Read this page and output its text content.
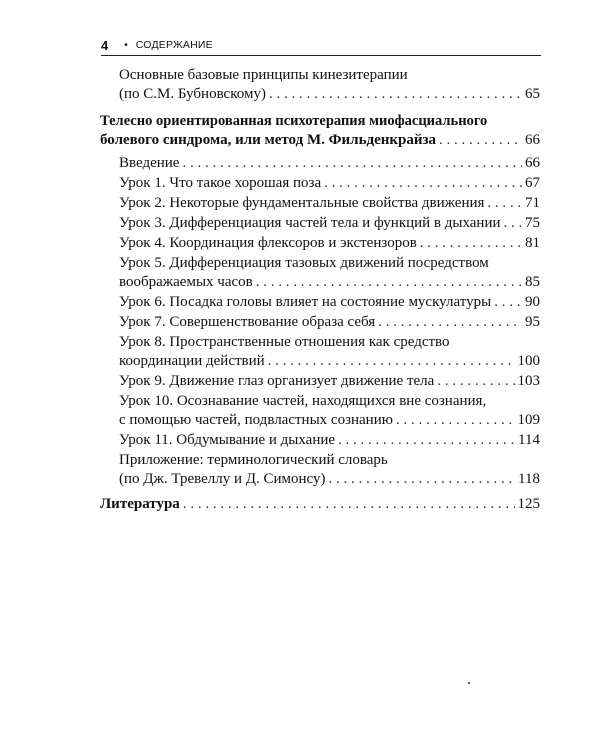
4 • СОДЕРЖАНИЕ
Основные базовые принципы кинезитерапии
(по С.М. Бубновскому) . . .	65
Телесно ориентированная психотерапия миофасциального
болевого синдрома, или метод М. Фильденкрайза . . .	66
Введение . . .	66
Урок 1. Что такое хорошая поза . . .	67
Урок 2. Некоторые фундаментальные свойства движения . . .	71
Урок 3. Дифференциация частей тела и функций в дыхании . . . 75
Урок 4. Координация флексоров и экстензоров . . .	81
Урок 5. Дифференциация тазовых движений посредством
воображаемых часов . . .	85
Урок 6. Посадка головы влияет на состояние мускулатуры . . . 90
Урок 7. Совершенствование образа себя . . .	95
Урок 8. Пространственные отношения как средство
координации действий . . .	100
Урок 9. Движение глаз организует движение тела . . .	103
Урок 10. Осознавание частей, находящихся вне сознания,
с помощью частей, подвластных сознанию . . .	109
Урок 11. Обдумывание и дыхание . . .	114
Приложение: терминологический словарь
(по Дж. Тревеллу и Д. Симонсу) . . .	118
Литература . . .	125
